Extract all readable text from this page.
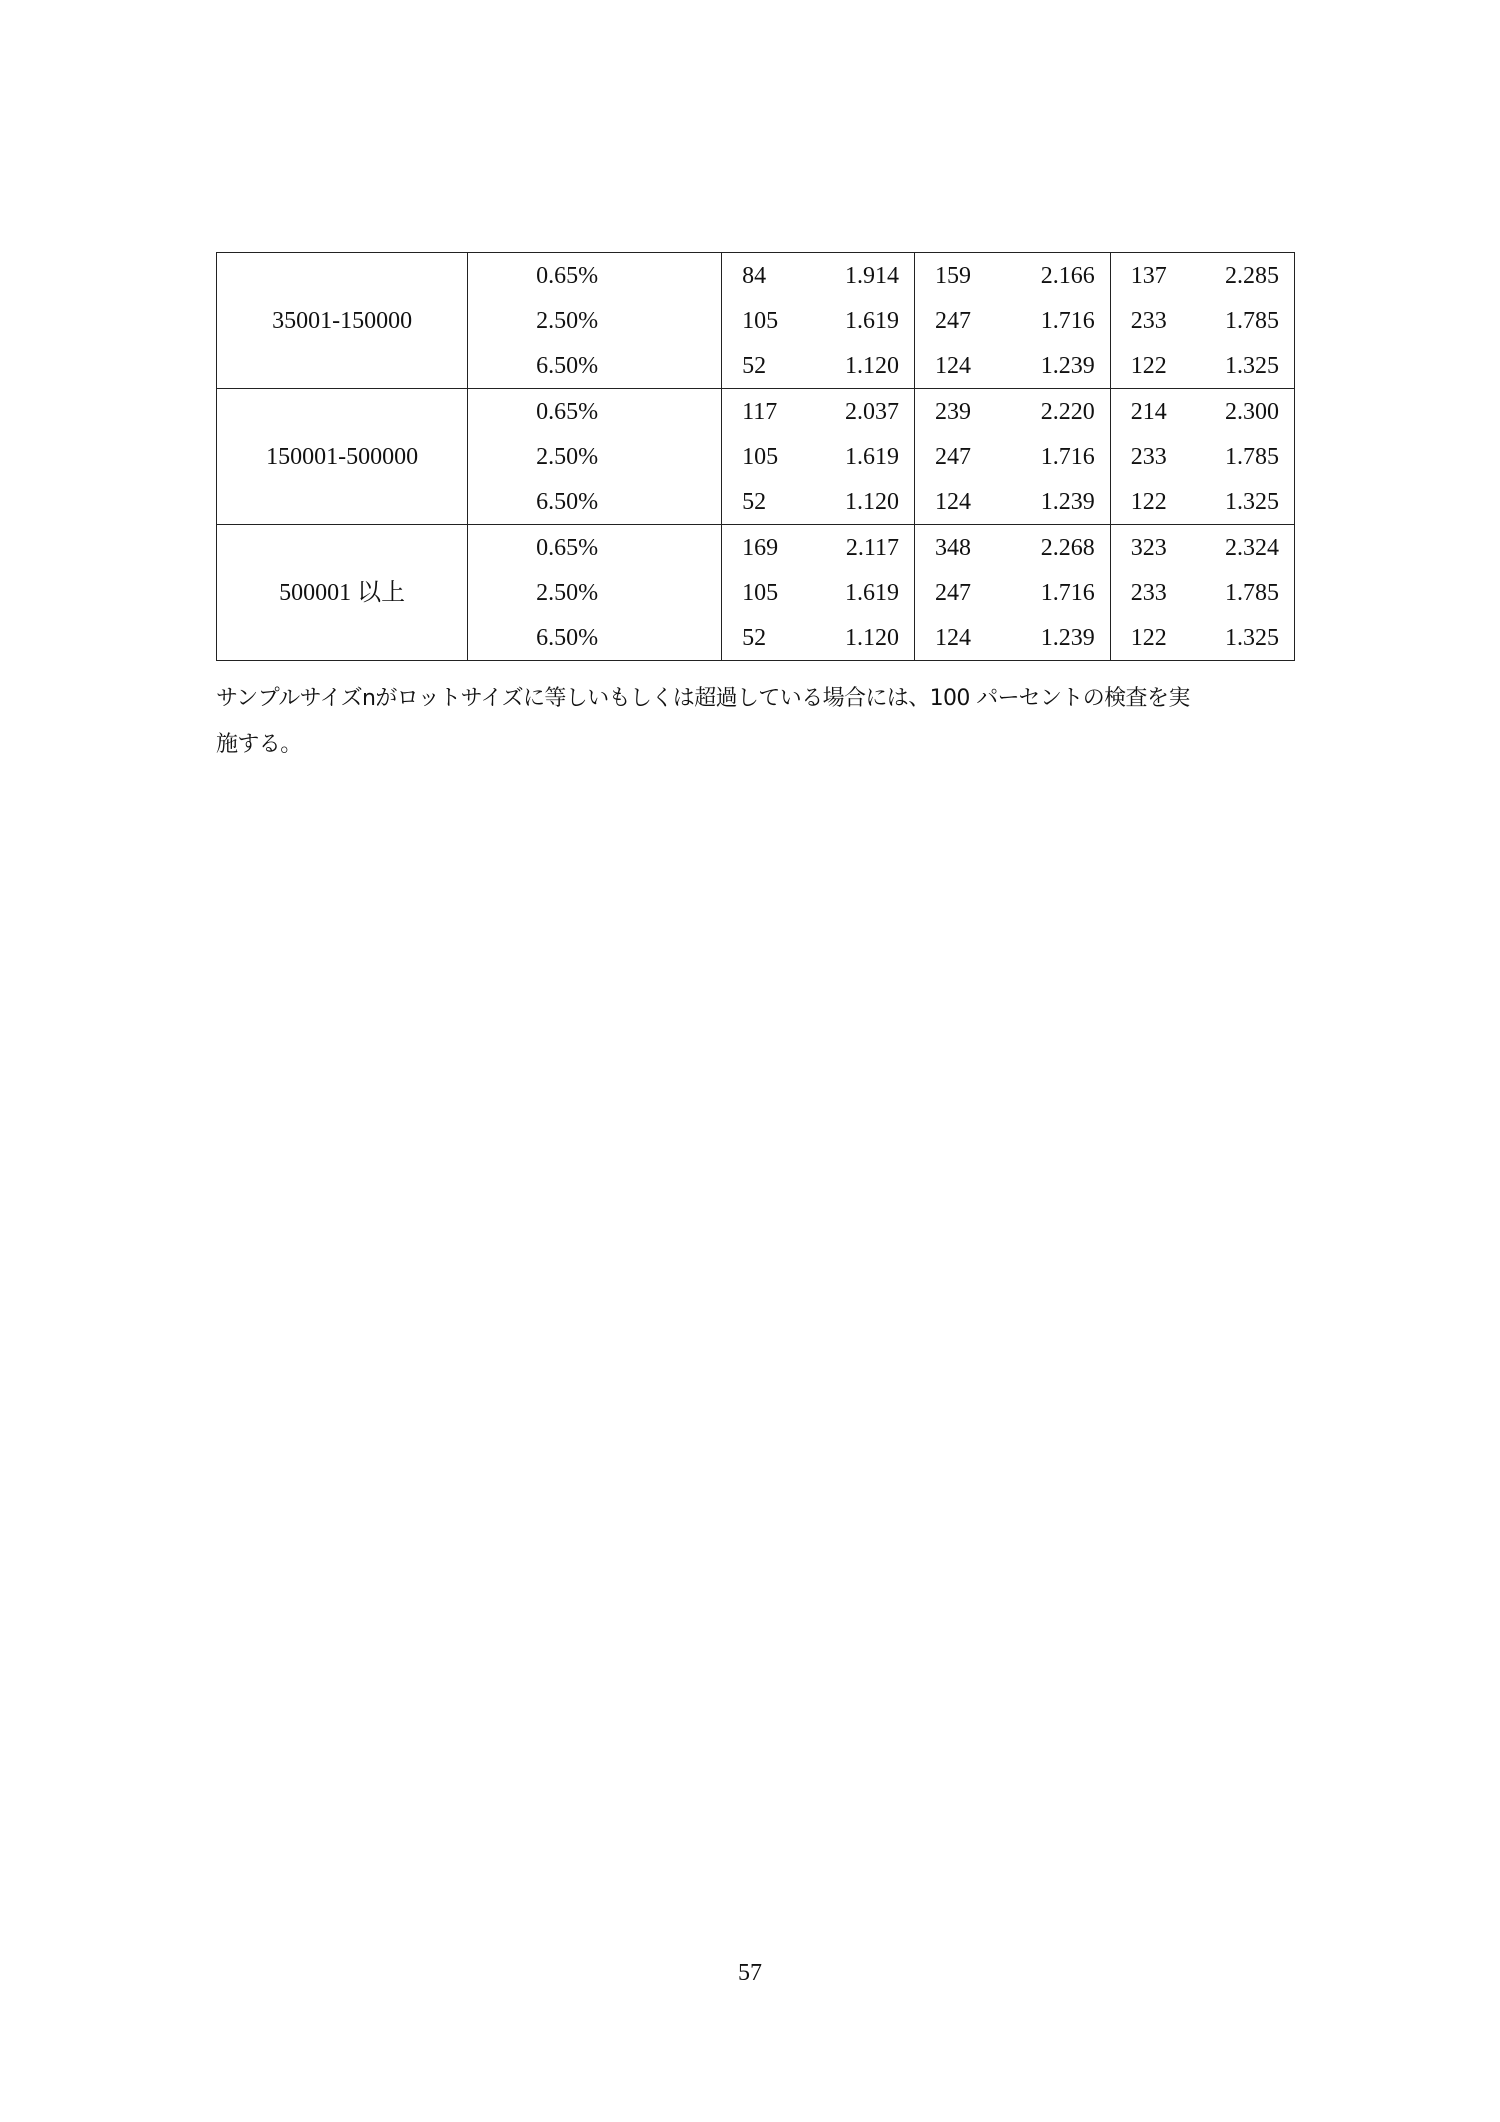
35001-150000	0.65%	84	1.914	159	2.166	137	2.285
	2.50%	105	1.619	247	1.716	233	1.785
	6.50%	52	1.120	124	1.239	122	1.325
150001-500000	0.65%	117	2.037	239	2.220	214	2.300
	2.50%	105	1.619	247	1.716	233	1.785
	6.50%	52	1.120	124	1.239	122	1.325
500001 以上	0.65%	169	2.117	348	2.268	323	2.324
	2.50%	105	1.619	247	1.716	233	1.785
	6.50%	52	1.120	124	1.239	122	1.325
サンプルサイズnがロットサイズに等しいもしくは超過している場合には、100 パーセントの検査を実
施する。
57
